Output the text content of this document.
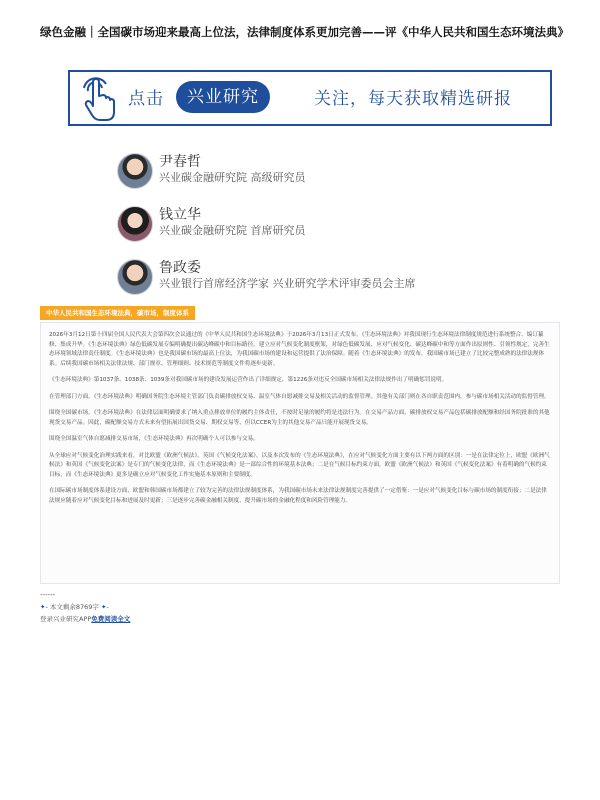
绿色金融｜全国碳市场迎来最高上位法，法律制度体系更加完善——评《中华人民共和国生态环境法典》
点击	兴业研究	关注，每天获取精选研报
尹春哲
兴业碳金融研究院 高级研究员
钱立华
兴业碳金融研究院 首席研究员
鲁政委
兴业银行首席经济学家 兴业研究学术评审委员会主席
中华人民共和国生态环境法典，碳市场，制度体系

2026年3月12日第十四届全国人民代表大会第四次会议通过的《中华人民共和国生态环境法典》于2026年3月13日正式发布。《生态环境法典》对我国现行生态环境法律制度规范进行系统整合、编订纂修、集成升华。《生态环境法典》绿色低碳发展专编明确提出碳达峰碳中和目标路径，建立应对气候变化制度框架，对绿色低碳发展、应对气候变化、碳达峰碳中和等方面作出原则性、引领性规定，完善生态环境领域法律责任制度。《生态环境法典》也是我国碳市场的最高上位法，为我国碳市场的建设和运营提供了法治保障。随着《生态环境法典》的发布，我国碳市场已建立了比较完整成熟的法律法规体系。后续我国碳市场相关法律法规、部门规章、管理细则、技术规范等制度文件将逐步更新。

《生态环境法典》第1037条、1038条、1039条对我国碳市场的建设发展运营作出了详细规定，第1226条对违反全国碳市场相关法律法规作出了明确惩罚说明。

在管理部门方面，《生态环境法典》明确国务院生态环境主管部门负责碳排放权交易、温室气体自愿减排交易及相关活动的监督管理。其他有关部门则在各自职责范围内，参与碳市场相关活动的监督管理。

围绕全国碳市场，《生态环境法典》在法律层面明确要求了纳入重点排放单位的履约主体责任，不按时足量的履约将是违法行为。在交易产品方面，碳排放权交易产品包括碳排放配额和经国务院批准的其他现货交易产品。因此，碳配额交易方式未来有望拓展出国货交易、期权交易等，但以CCER为主的其他交易产品只能开展现货交易。

围绕全国温室气体自愿减排交易市场，《生态环境法典》再次明确个人可以参与交易。

从全球应对气候变化治理实践来看，对比欧盟《欧洲气候法》，英国《气候变化法案》，以及本次发布的《生态环境法典》，在应对气候变化方面主要有以下两方面的区别：一是在法律定位上，欧盟《欧洲气候法》和英国《气候变化法案》是专门的气候变化法律，而《生态环境法典》是一部综合性的环境基本法典；二是在气候目标约束方面，欧盟《欧洲气候法》和英国《气候变化法案》有着明确的气候约束目标，而《生态环境法典》更多是确立应对气候变化工作实施基本原则和主要制度。

在国际碳市场制度体系建设方面，欧盟和韩国碳市场都建立了较为完善的法律法规制度体系，为我国碳市场未来法律法规制度完善提供了一定借鉴：一是应对气候变化目标与碳市场的制度衔接；二是法律法规应随着应对气候变化目标和进展及时更新；三是逐步完善碳金融相关制度，提升碳市场的金融化程度和风险管理能力。

------
✦- 本文剩余8769字 ✦-
登录兴业研究APP免费阅读全文
